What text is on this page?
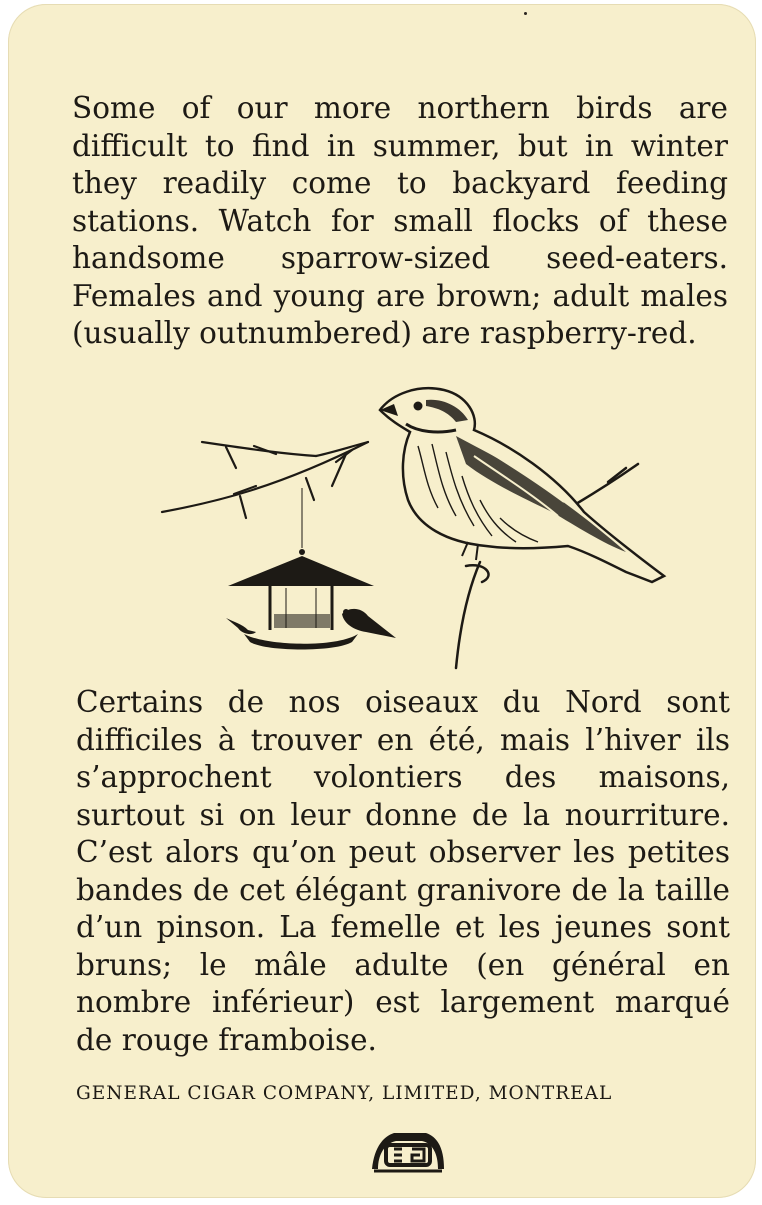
Some of our more northern birds are difficult to find in summer, but in winter they readily come to backyard feeding stations. Watch for small flocks of these handsome sparrow-sized seed-eaters. Females and young are brown; adult males (usually outnumbered) are raspberry-red.

Certains de nos oiseaux du Nord sont difficiles à trouver en été, mais l’hiver ils s’approchent volontiers des maisons, surtout si on leur donne de la nourriture. C’est alors qu’on peut observer les petites bandes de cet élégant granivore de la taille d’un pinson. La femelle et les jeunes sont bruns; le mâle adulte (en général en nombre inférieur) est largement marqué de rouge framboise.

GENERAL CIGAR COMPANY, LIMITED, MONTREAL
